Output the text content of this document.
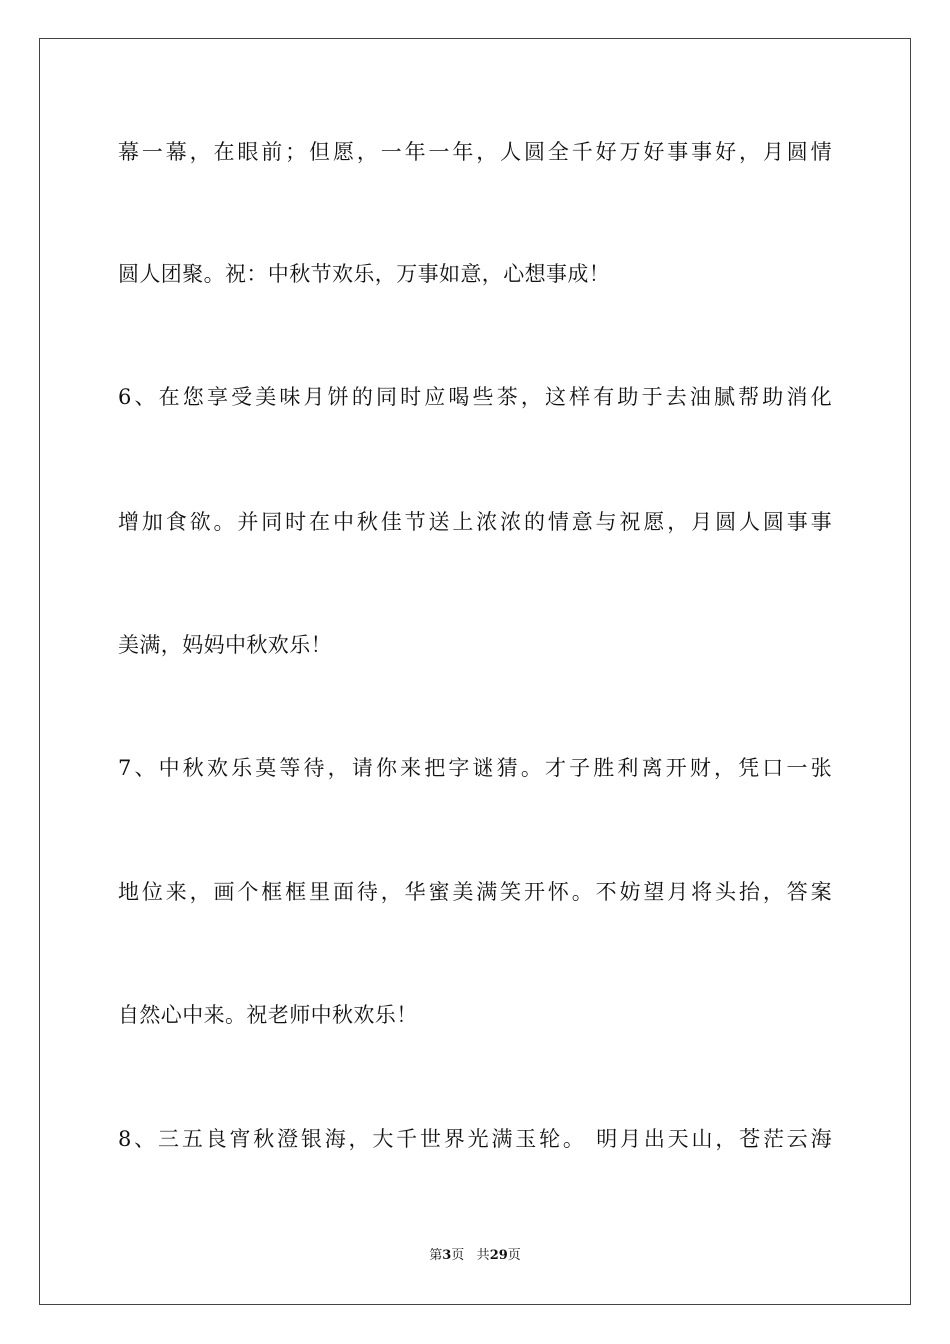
幕一幕，在眼前；但愿，一年一年，人圆全千好万好事事好，月圆情
圆人团聚。祝：中秋节欢乐，万事如意，心想事成！
6、在您享受美味月饼的同时应喝些茶，这样有助于去油腻帮助消化
增加食欲。并同时在中秋佳节送上浓浓的情意与祝愿，月圆人圆事事
美满，妈妈中秋欢乐！
7、中秋欢乐莫等待，请你来把字谜猜。才子胜利离开财，凭口一张
地位来，画个框框里面待，华蜜美满笑开怀。不妨望月将头抬，答案
自然心中来。祝老师中秋欢乐！
8、三五良宵秋澄银海，大千世界光满玉轮。 明月出天山，苍茫云海
第3页 共29页
